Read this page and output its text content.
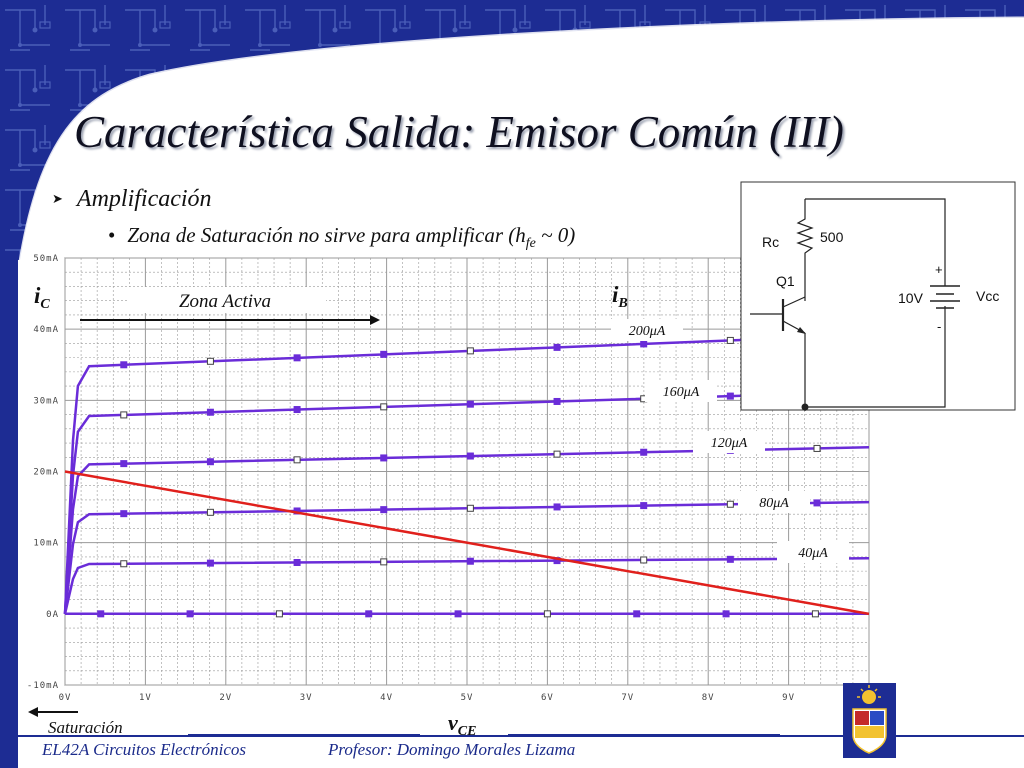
Característica Salida: Emisor Común (III)
➤ Amplificación
• Zona de Saturación no sirve para amplificar ($h_{fe}$ ~ 0)
50mA
40mA
30mA
20mA
10mA
0A
-10mA
0V	1V	2V	3V	4V	5V	6V	7V	8V	9V
Zona Activa
Saturación
$i_C$	$i_B$
$v_{CE}$
200μA
160μA
120μA
80μA
40μA
Rc	500
Q1
10V	Vcc
+
-
EL42A Circuitos Electrónicos	Profesor: Domingo Morales Lizama
